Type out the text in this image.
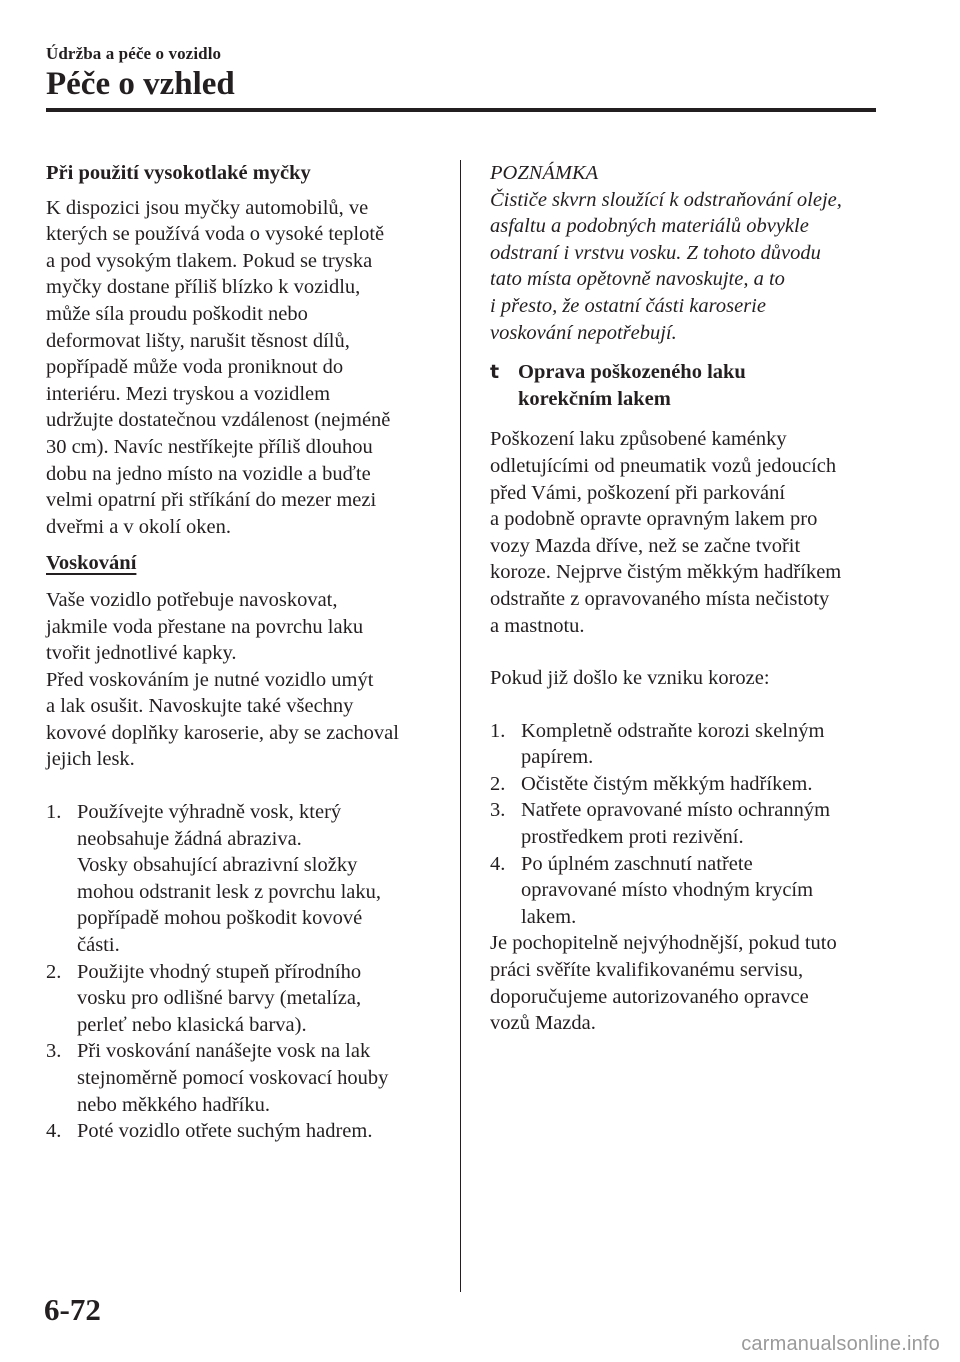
Údržba a péče o vozidlo
Péče o vzhled

Při použití vysokotlaké myčky

K dispozici jsou myčky automobilů, ve
kterých se používá voda o vysoké teplotě
a pod vysokým tlakem. Pokud se tryska
myčky dostane příliš blízko k vozidlu,
může síla proudu poškodit nebo
deformovat lišty, narušit těsnost dílů,
popřípadě může voda proniknout do
interiéru. Mezi tryskou a vozidlem
udržujte dostatečnou vzdálenost (nejméně
30 cm). Navíc nestříkejte příliš dlouhou
dobu na jedno místo na vozidle a buďte
velmi opatrní při stříkání do mezer mezi
dveřmi a v okolí oken.

Voskování

Vaše vozidlo potřebuje navoskovat,
jakmile voda přestane na povrchu laku
tvořit jednotlivé kapky.
Před voskováním je nutné vozidlo umýt
a lak osušit. Navoskujte také všechny
kovové doplňky karoserie, aby se zachoval
jejich lesk.
1. Používejte výhradně vosk, který
neobsahuje žádná abraziva.
Vosky obsahující abrazivní složky
mohou odstranit lesk z povrchu laku,
popřípadě mohou poškodit kovové
části.
2. Použijte vhodný stupeň přírodního
vosku pro odlišné barvy (metalíza,
perleť nebo klasická barva).
3. Při voskování nanášejte vosk na lak
stejnoměrně pomocí voskovací houby
nebo měkkého hadříku.
4. Poté vozidlo otřete suchým hadrem.

POZNÁMKA

Čističe skvrn sloužící k odstraňování oleje,
asfaltu a podobných materiálů obvykle
odstraní i vrstvu vosku. Z tohoto důvodu
tato místa opětovně navoskujte, a to
i přesto, že ostatní části karoserie
voskování nepotřebují.
t Oprava poškozeného laku
korekčním lakem
Poškození laku způsobené kaménky
odletujícími od pneumatik vozů jedoucích
před Vámi, poškození při parkování
a podobně opravte opravným lakem pro
vozy Mazda dříve, než se začne tvořit
koroze. Nejprve čistým měkkým hadříkem
odstraňte z opravovaného místa nečistoty
a mastnotu.

Pokud již došlo ke vzniku koroze:

1. Kompletně odstraňte korozi skelným
papírem.
2. Očistěte čistým měkkým hadříkem.
3. Natřete opravované místo ochranným
prostředkem proti rezivění.
4. Po úplném zaschnutí natřete
opravované místo vhodným krycím
lakem.
Je pochopitelně nejvýhodnější, pokud tuto
práci svěříte kvalifikovanému servisu,
doporučujeme autorizovaného opravce
vozů Mazda.
6-72
carmanualsonline.info
